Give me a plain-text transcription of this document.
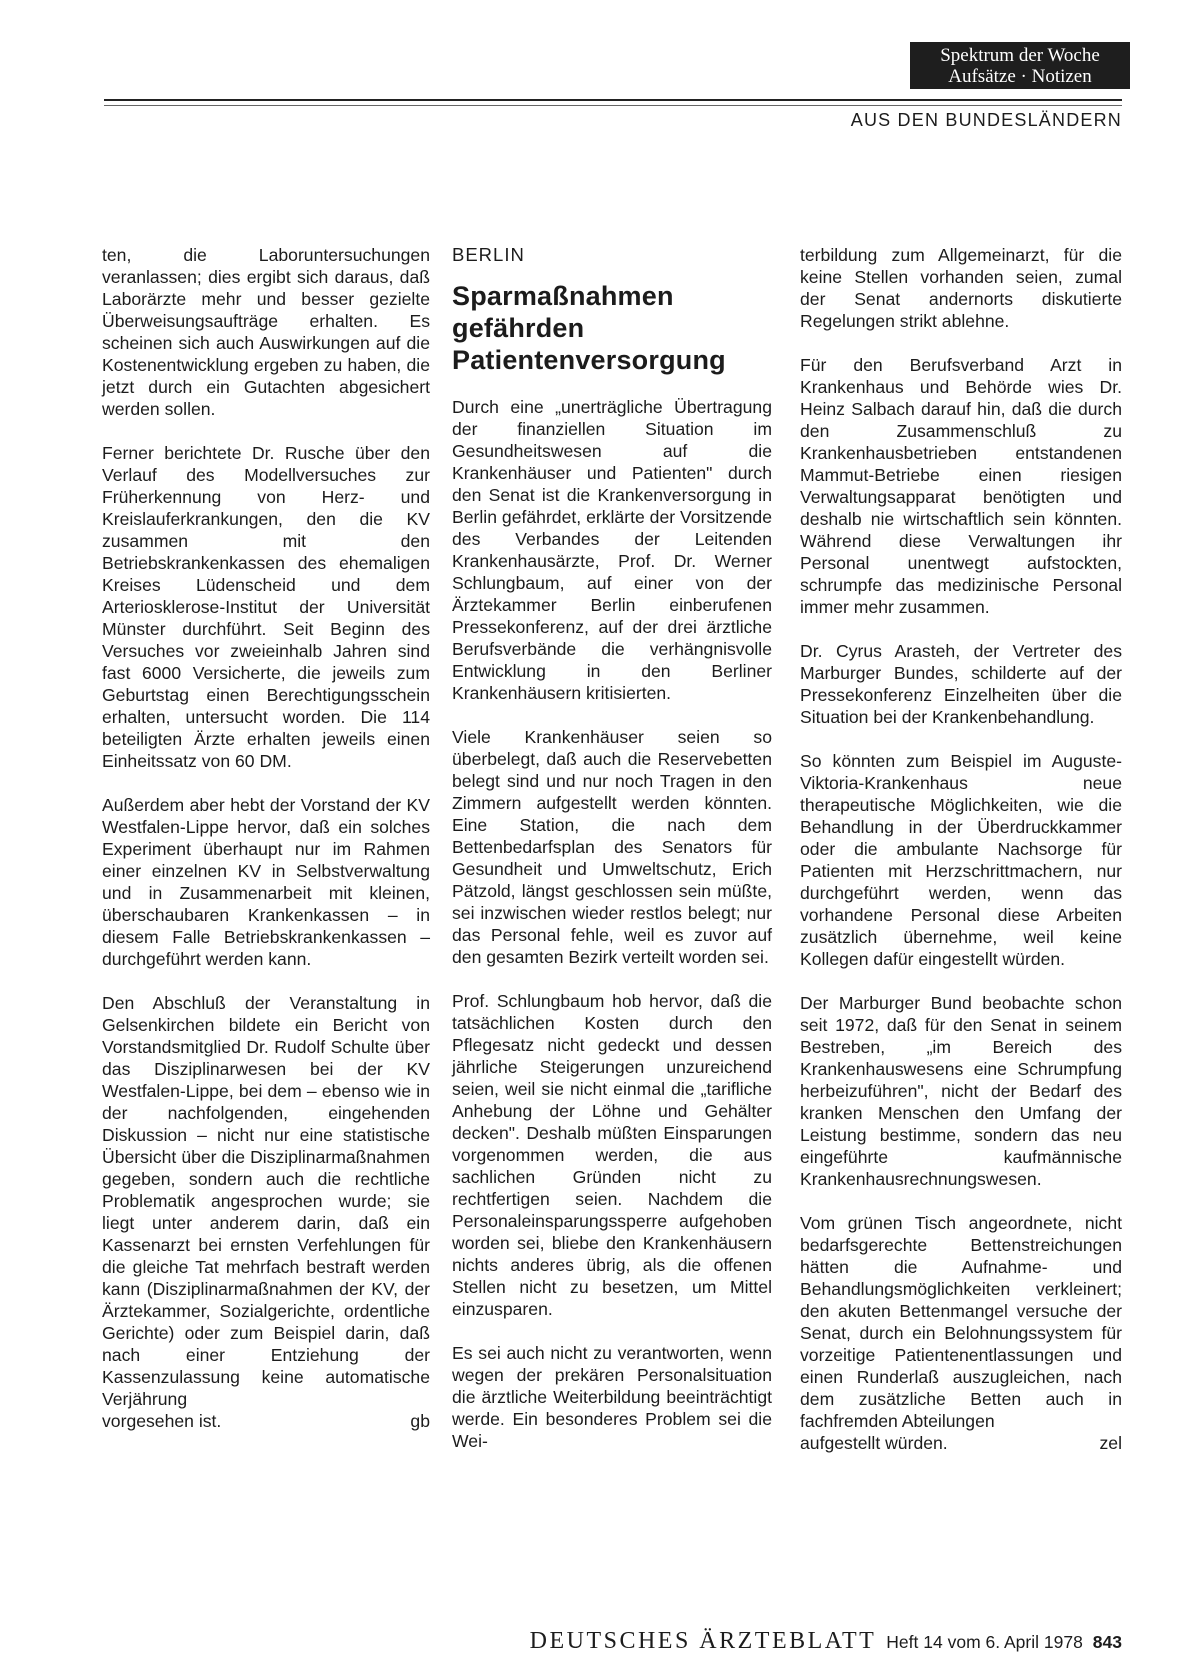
Spektrum der Woche
Aufsätze · Notizen
AUS DEN BUNDESLÄNDERN

ten, die Laboruntersuchungen veranlassen; dies ergibt sich daraus, daß Laborärzte mehr und besser gezielte Überweisungsaufträge erhalten. Es scheinen sich auch Auswirkungen auf die Kostenentwicklung ergeben zu haben, die jetzt durch ein Gutachten abgesichert werden sollen.

Ferner berichtete Dr. Rusche über den Verlauf des Modellversuches zur Früherkennung von Herz- und Kreislauferkrankungen, den die KV zusammen mit den Betriebskrankenkassen des ehemaligen Kreises Lüdenscheid und dem Arteriosklerose-Institut der Universität Münster durchführt. Seit Beginn des Versuches vor zweieinhalb Jahren sind fast 6000 Versicherte, die jeweils zum Geburtstag einen Berechtigungsschein erhalten, untersucht worden. Die 114 beteiligten Ärzte erhalten jeweils einen Einheitssatz von 60 DM.

Außerdem aber hebt der Vorstand der KV Westfalen-Lippe hervor, daß ein solches Experiment überhaupt nur im Rahmen einer einzelnen KV in Selbstverwaltung und in Zusammenarbeit mit kleinen, überschaubaren Krankenkassen – in diesem Falle Betriebskrankenkassen – durchgeführt werden kann.

Den Abschluß der Veranstaltung in Gelsenkirchen bildete ein Bericht von Vorstandsmitglied Dr. Rudolf Schulte über das Disziplinarwesen bei der KV Westfalen-Lippe, bei dem – ebenso wie in der nachfolgenden, eingehenden Diskussion – nicht nur eine statistische Übersicht über die Disziplinarmaßnahmen gegeben, sondern auch die rechtliche Problematik angesprochen wurde; sie liegt unter anderem darin, daß ein Kassenarzt bei ernsten Verfehlungen für die gleiche Tat mehrfach bestraft werden kann (Disziplinarmaßnahmen der KV, der Ärztekammer, Sozialgerichte, ordentliche Gerichte) oder zum Beispiel darin, daß nach einer Entziehung der Kassenzulassung keine automatische Verjährung

vorgesehen ist.	gb
BERLIN
Sparmaßnahmen
gefährden
Patientenversorgung

Durch eine „unerträgliche Übertragung der finanziellen Situation im Gesundheitswesen auf die Krankenhäuser und Patienten" durch den Senat ist die Krankenversorgung in Berlin gefährdet, erklärte der Vorsitzende des Verbandes der Leitenden Krankenhausärzte, Prof. Dr. Werner Schlungbaum, auf einer von der Ärztekammer Berlin einberufenen Pressekonferenz, auf der drei ärztliche Berufsverbände die verhängnisvolle Entwicklung in den Berliner Krankenhäusern kritisierten.

Viele Krankenhäuser seien so überbelegt, daß auch die Reservebetten belegt sind und nur noch Tragen in den Zimmern aufgestellt werden könnten. Eine Station, die nach dem Bettenbedarfsplan des Senators für Gesundheit und Umweltschutz, Erich Pätzold, längst geschlossen sein müßte, sei inzwischen wieder restlos belegt; nur das Personal fehle, weil es zuvor auf den gesamten Bezirk verteilt worden sei.

Prof. Schlungbaum hob hervor, daß die tatsächlichen Kosten durch den Pflegesatz nicht gedeckt und dessen jährliche Steigerungen unzureichend seien, weil sie nicht einmal die „tarifliche Anhebung der Löhne und Gehälter decken". Deshalb müßten Einsparungen vorgenommen werden, die aus sachlichen Gründen nicht zu rechtfertigen seien. Nachdem die Personaleinsparungssperre aufgehoben worden sei, bliebe den Krankenhäusern nichts anderes übrig, als die offenen Stellen nicht zu besetzen, um Mittel einzusparen.

Es sei auch nicht zu verantworten, wenn wegen der prekären Personalsituation die ärztliche Weiterbildung beeinträchtigt werde. Ein besonderes Problem sei die Wei-

terbildung zum Allgemeinarzt, für die keine Stellen vorhanden seien, zumal der Senat andernorts diskutierte Regelungen strikt ablehne.

Für den Berufsverband Arzt in Krankenhaus und Behörde wies Dr. Heinz Salbach darauf hin, daß die durch den Zusammenschluß zu Krankenhausbetrieben entstandenen Mammut-Betriebe einen riesigen Verwaltungsapparat benötigten und deshalb nie wirtschaftlich sein könnten. Während diese Verwaltungen ihr Personal unentwegt aufstockten, schrumpfe das medizinische Personal immer mehr zusammen.

Dr. Cyrus Arasteh, der Vertreter des Marburger Bundes, schilderte auf der Pressekonferenz Einzelheiten über die Situation bei der Krankenbehandlung.

So könnten zum Beispiel im Auguste-Viktoria-Krankenhaus neue therapeutische Möglichkeiten, wie die Behandlung in der Überdruckkammer oder die ambulante Nachsorge für Patienten mit Herzschrittmachern, nur durchgeführt werden, wenn das vorhandene Personal diese Arbeiten zusätzlich übernehme, weil keine Kollegen dafür eingestellt würden.

Der Marburger Bund beobachte schon seit 1972, daß für den Senat in seinem Bestreben, „im Bereich des Krankenhauswesens eine Schrumpfung herbeizuführen", nicht der Bedarf des kranken Menschen den Umfang der Leistung bestimme, sondern das neu eingeführte kaufmännische Krankenhausrechnungswesen.

Vom grünen Tisch angeordnete, nicht bedarfsgerechte Bettenstreichungen hätten die Aufnahme- und Behandlungsmöglichkeiten verkleinert; den akuten Bettenmangel versuche der Senat, durch ein Belohnungssystem für vorzeitige Patientenentlassungen und einen Runderlaß auszugleichen, nach dem zusätzliche Betten auch in fachfremden Abteilungen

aufgestellt würden.	zel
DEUTSCHES ÄRZTEBLATT Heft 14 vom 6. April 1978 843
